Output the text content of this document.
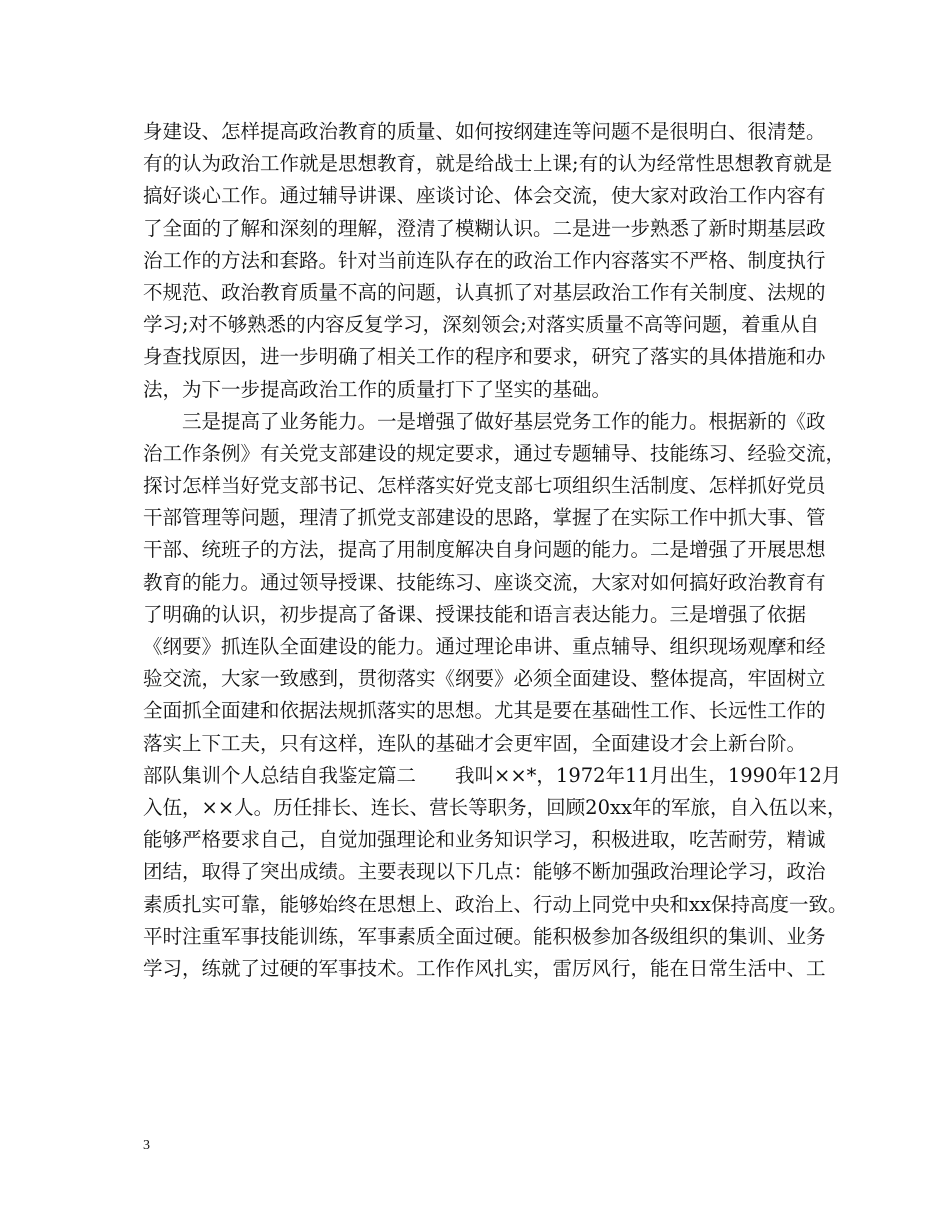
身建设、怎样提高政治教育的质量、如何按纲建连等问题不是很明白、很清楚。
有的认为政治工作就是思想教育，就是给战士上课;有的认为经常性思想教育就是
搞好谈心工作。通过辅导讲课、座谈讨论、体会交流，使大家对政治工作内容有
了全面的了解和深刻的理解，澄清了模糊认识。二是进一步熟悉了新时期基层政
治工作的方法和套路。针对当前连队存在的政治工作内容落实不严格、制度执行
不规范、政治教育质量不高的问题，认真抓了对基层政治工作有关制度、法规的
学习;对不够熟悉的内容反复学习，深刻领会;对落实质量不高等问题，着重从自
身查找原因，进一步明确了相关工作的程序和要求，研究了落实的具体措施和办
法，为下一步提高政治工作的质量打下了坚实的基础。
三是提高了业务能力。一是增强了做好基层党务工作的能力。根据新的《政
治工作条例》有关党支部建设的规定要求，通过专题辅导、技能练习、经验交流，
探讨怎样当好党支部书记、怎样落实好党支部七项组织生活制度、怎样抓好党员
干部管理等问题，理清了抓党支部建设的思路，掌握了在实际工作中抓大事、管
干部、统班子的方法，提高了用制度解决自身问题的能力。二是增强了开展思想
教育的能力。通过领导授课、技能练习、座谈交流，大家对如何搞好政治教育有
了明确的认识，初步提高了备课、授课技能和语言表达能力。三是增强了依据
《纲要》抓连队全面建设的能力。通过理论串讲、重点辅导、组织现场观摩和经
验交流，大家一致感到，贯彻落实《纲要》必须全面建设、整体提高，牢固树立
全面抓全面建和依据法规抓落实的思想。尤其是要在基础性工作、长远性工作的
落实上下工夫，只有这样，连队的基础才会更牢固，全面建设才会上新台阶。
部队集训个人总结自我鉴定篇二　　我叫××*，1972年11月出生，1990年12月
入伍，××人。历任排长、连长、营长等职务，回顾20xx年的军旅，自入伍以来，
能够严格要求自己，自觉加强理论和业务知识学习，积极进取，吃苦耐劳，精诚
团结，取得了突出成绩。主要表现以下几点：能够不断加强政治理论学习，政治
素质扎实可靠，能够始终在思想上、政治上、行动上同党中央和xx保持高度一致。
平时注重军事技能训练，军事素质全面过硬。能积极参加各级组织的集训、业务
学习，练就了过硬的军事技术。工作作风扎实，雷厉风行，能在日常生活中、工
3
